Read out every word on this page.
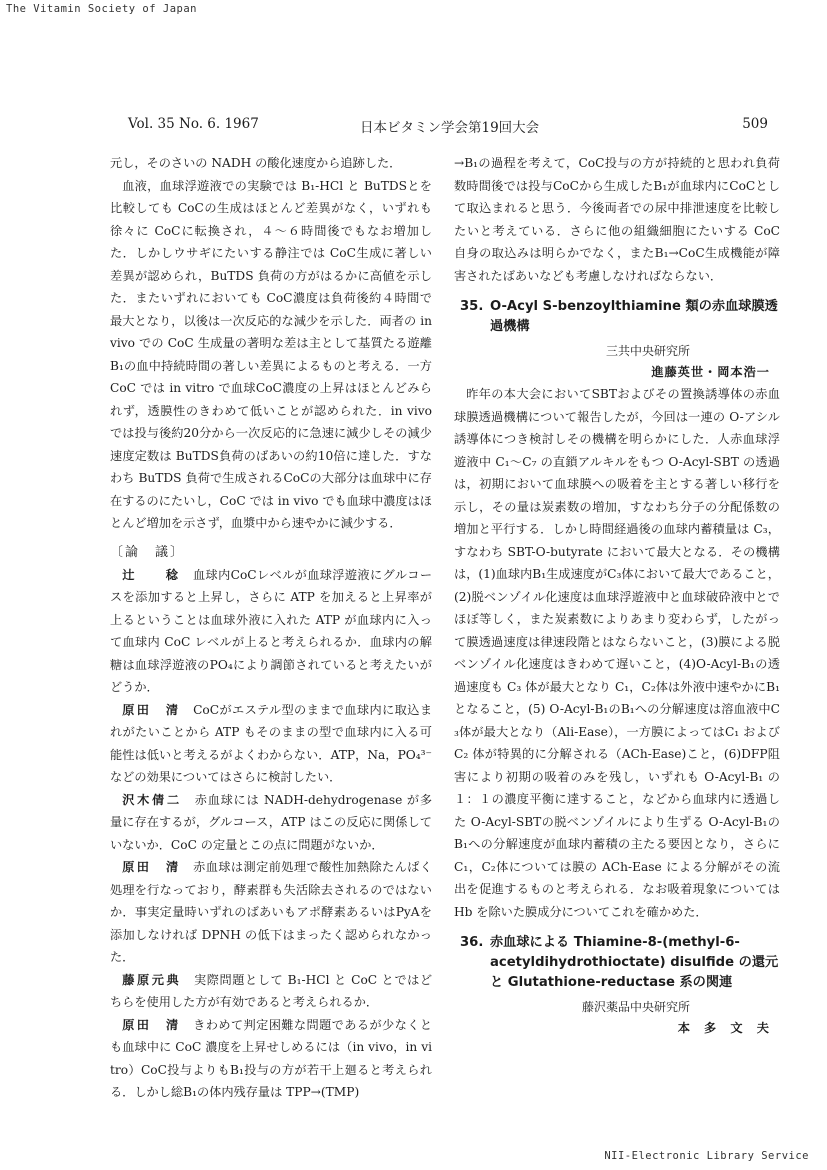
The Vitamin Society of Japan
Vol. 35 No. 6. 1967	日本ビタミン学会第19回大会	509

元し，そのさいの NADH の酸化速度から追跡した．

血液，血球浮遊液での実験では B₁-HCl と BuTDSとを比較しても CoCの生成はほとんど差異がなく，いずれも徐々に CoCに転換され，４～６時間後でもなお増加した．しかしウサギにたいする静注では CoC生成に著しい差異が認められ，BuTDS 負荷の方がはるかに高値を示した．またいずれにおいても CoC濃度は負荷後約４時間で最大となり，以後は一次反応的な減少を示した．両者の in vivo での CoC 生成量の著明な差は主として基質たる遊離B₁の血中持続時間の著しい差異によるものと考える．一方CoC では in vitro で血球CoC濃度の上昇はほとんどみられず，透膜性のきわめて低いことが認められた．in vivo では投与後約20分から一次反応的に急速に減少しその減少速度定数は BuTDS負荷のばあいの約10倍に達した．すなわち BuTDS 負荷で生成されるCoCの大部分は血球中に存在するのにたいし，CoC では in vivo でも血球中濃度はほとんど増加を示さず，血漿中から速やかに減少する．

〔論　議〕

辻　　稔　 血球内CoCレベルが血球浮遊液にグルコースを添加すると上昇し，さらに ATP を加えると上昇率が上るということは血球外液に入れた ATP が血球内に入って血球内 CoC レベルが上ると考えられるか．血球内の解糖は血球浮遊液のPO₄により調節されていると考えたいがどうか．

原田　清　 CoCがエステル型のままで血球内に取込まれがたいことから ATP もそのままの型で血球内に入る可能性は低いと考えるがよくわからない．ATP，Na，PO₄³⁻ などの効果についてはさらに検討したい．

沢木倩二　 赤血球には NADH-dehydrogenase が多量に存在するが，グルコース，ATP はこの反応に関係していないか．CoC の定量とこの点に問題がないか．

原田　清　 赤血球は測定前処理で酸性加熱除たんぱく処理を行なっており，酵素群も失活除去されるのではないか．事実定量時いずれのばあいもアポ酵素あるいはPyAを添加しなければ DPNH の低下はまったく認められなかった．

藤原元典　 実際問題として B₁-HCl と CoC とではどちらを使用した方が有効であると考えられるか．

原田　清　 きわめて判定困難な問題であるが少なくとも血球中に CoC 濃度を上昇せしめるには（in vivo，in vitro）CoC投与よりもB₁投与の方が若干上廻ると考えられる．しかし総B₁の体内残存量は TPP→(TMP)

→B₁の過程を考えて，CoC投与の方が持続的と思われ負荷数時間後では投与CoCから生成したB₁が血球内にCoCとして取込まれると思う．今後両者での尿中排泄速度を比較したいと考えている．さらに他の組織細胞にたいする CoC 自身の取込みは明らかでなく，またB₁→CoC生成機能が障害されたばあいなども考慮しなければならない．

35. O-Acyl S-benzoylthiamine 類の赤血球膜透過機構

三共中央研究所

進藤英世・岡本浩一

昨年の本大会においてSBTおよびその置換誘導体の赤血球膜透過機構について報告したが，今回は一連の O-アシル誘導体につき検討しその機構を明らかにした．人赤血球浮遊液中 C₁～C₇ の直鎖アルキルをもつ O-Acyl-SBT の透過は，初期において血球膜への吸着を主とする著しい移行を示し，その量は炭素数の増加，すなわち分子の分配係数の増加と平行する．しかし時間経過後の血球内蓄積量は C₃，すなわち SBT-O-butyrate において最大となる．その機構は，(1)血球内B₁生成速度がC₃体において最大であること，(2)脱ベンゾイル化速度は血球浮遊液中と血球破砕液中とでほぼ等しく，また炭素数によりあまり変わらず，したがって膜透過速度は律速段階とはならないこと，(3)膜による脱ベンゾイル化速度はきわめて遅いこと，(4)O-Acyl-B₁の透過速度も C₃ 体が最大となり C₁，C₂体は外液中速やかにB₁となること，(5) O-Acyl-B₁のB₁への分解速度は溶血液中C₃体が最大となり（Ali-Ease），一方膜によってはC₁ および C₂ 体が特異的に分解される（ACh-Ease)こと，(6)DFP阻害により初期の吸着のみを残し，いずれも O-Acyl-B₁ の１：１の濃度平衡に達すること，などから血球内に透過した O-Acyl-SBTの脱ベンゾイルにより生ずる O-Acyl-B₁のB₁への分解速度が血球内蓄積の主たる要因となり，さらに C₁，C₂体については膜の ACh-Ease による分解がその流出を促進するものと考えられる．なお吸着現象については Hb を除いた膜成分についてこれを確かめた．

36. 赤血球による Thiamine-8-(methyl-6-acetyldihydrothioctate) disulfide の還元と Glutathione-reductase 系の関連

藤沢薬品中央研究所

本　多　文　夫

NII-Electronic Library Service
